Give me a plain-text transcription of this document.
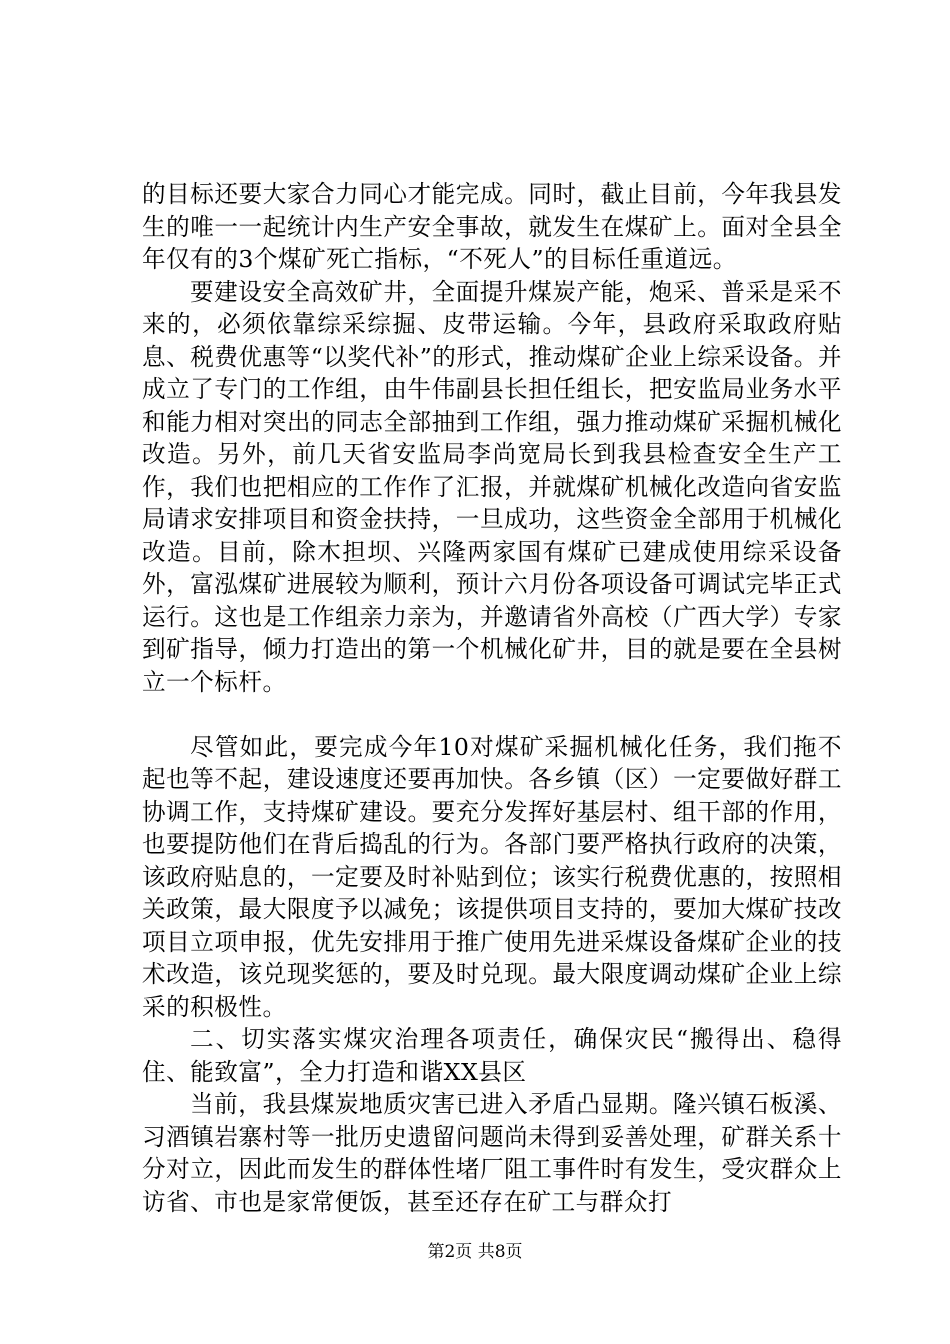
的目标还要大家合力同心才能完成。同时，截止目前，今年我县发生的唯一一起统计内生产安全事故，就发生在煤矿上。面对全县全年仅有的3个煤矿死亡指标，“不死人”的目标任重道远。

要建设安全高效矿井，全面提升煤炭产能，炮采、普采是采不来的，必须依靠综采综掘、皮带运输。今年，县政府采取政府贴息、税费优惠等“以奖代补”的形式，推动煤矿企业上综采设备。并成立了专门的工作组，由牛伟副县长担任组长，把安监局业务水平和能力相对突出的同志全部抽到工作组，强力推动煤矿采掘机械化改造。另外，前几天省安监局李尚宽局长到我县检查安全生产工作，我们也把相应的工作作了汇报，并就煤矿机械化改造向省安监局请求安排项目和资金扶持，一旦成功，这些资金全部用于机械化改造。目前，除木担坝、兴隆两家国有煤矿已建成使用综采设备外，富泓煤矿进展较为顺利，预计六月份各项设备可调试完毕正式运行。这也是工作组亲力亲为，并邀请省外高校（广西大学）专家到矿指导，倾力打造出的第一个机械化矿井，目的就是要在全县树立一个标杆。

尽管如此，要完成今年10对煤矿采掘机械化任务，我们拖不起也等不起，建设速度还要再加快。各乡镇（区）一定要做好群工协调工作，支持煤矿建设。要充分发挥好基层村、组干部的作用，也要提防他们在背后捣乱的行为。各部门要严格执行政府的决策，该政府贴息的，一定要及时补贴到位；该实行税费优惠的，按照相关政策，最大限度予以减免；该提供项目支持的，要加大煤矿技改项目立项申报，优先安排用于推广使用先进采煤设备煤矿企业的技术改造，该兑现奖惩的，要及时兑现。最大限度调动煤矿企业上综采的积极性。

二、切实落实煤灾治理各项责任，确保灾民“搬得出、稳得住、能致富”，全力打造和谐XX县区

当前，我县煤炭地质灾害已进入矛盾凸显期。隆兴镇石板溪、习酒镇岩寨村等一批历史遗留问题尚未得到妥善处理，矿群关系十分对立，因此而发生的群体性堵厂阻工事件时有发生，受灾群众上访省、市也是家常便饭，甚至还存在矿工与群众打

第2页 共8页
